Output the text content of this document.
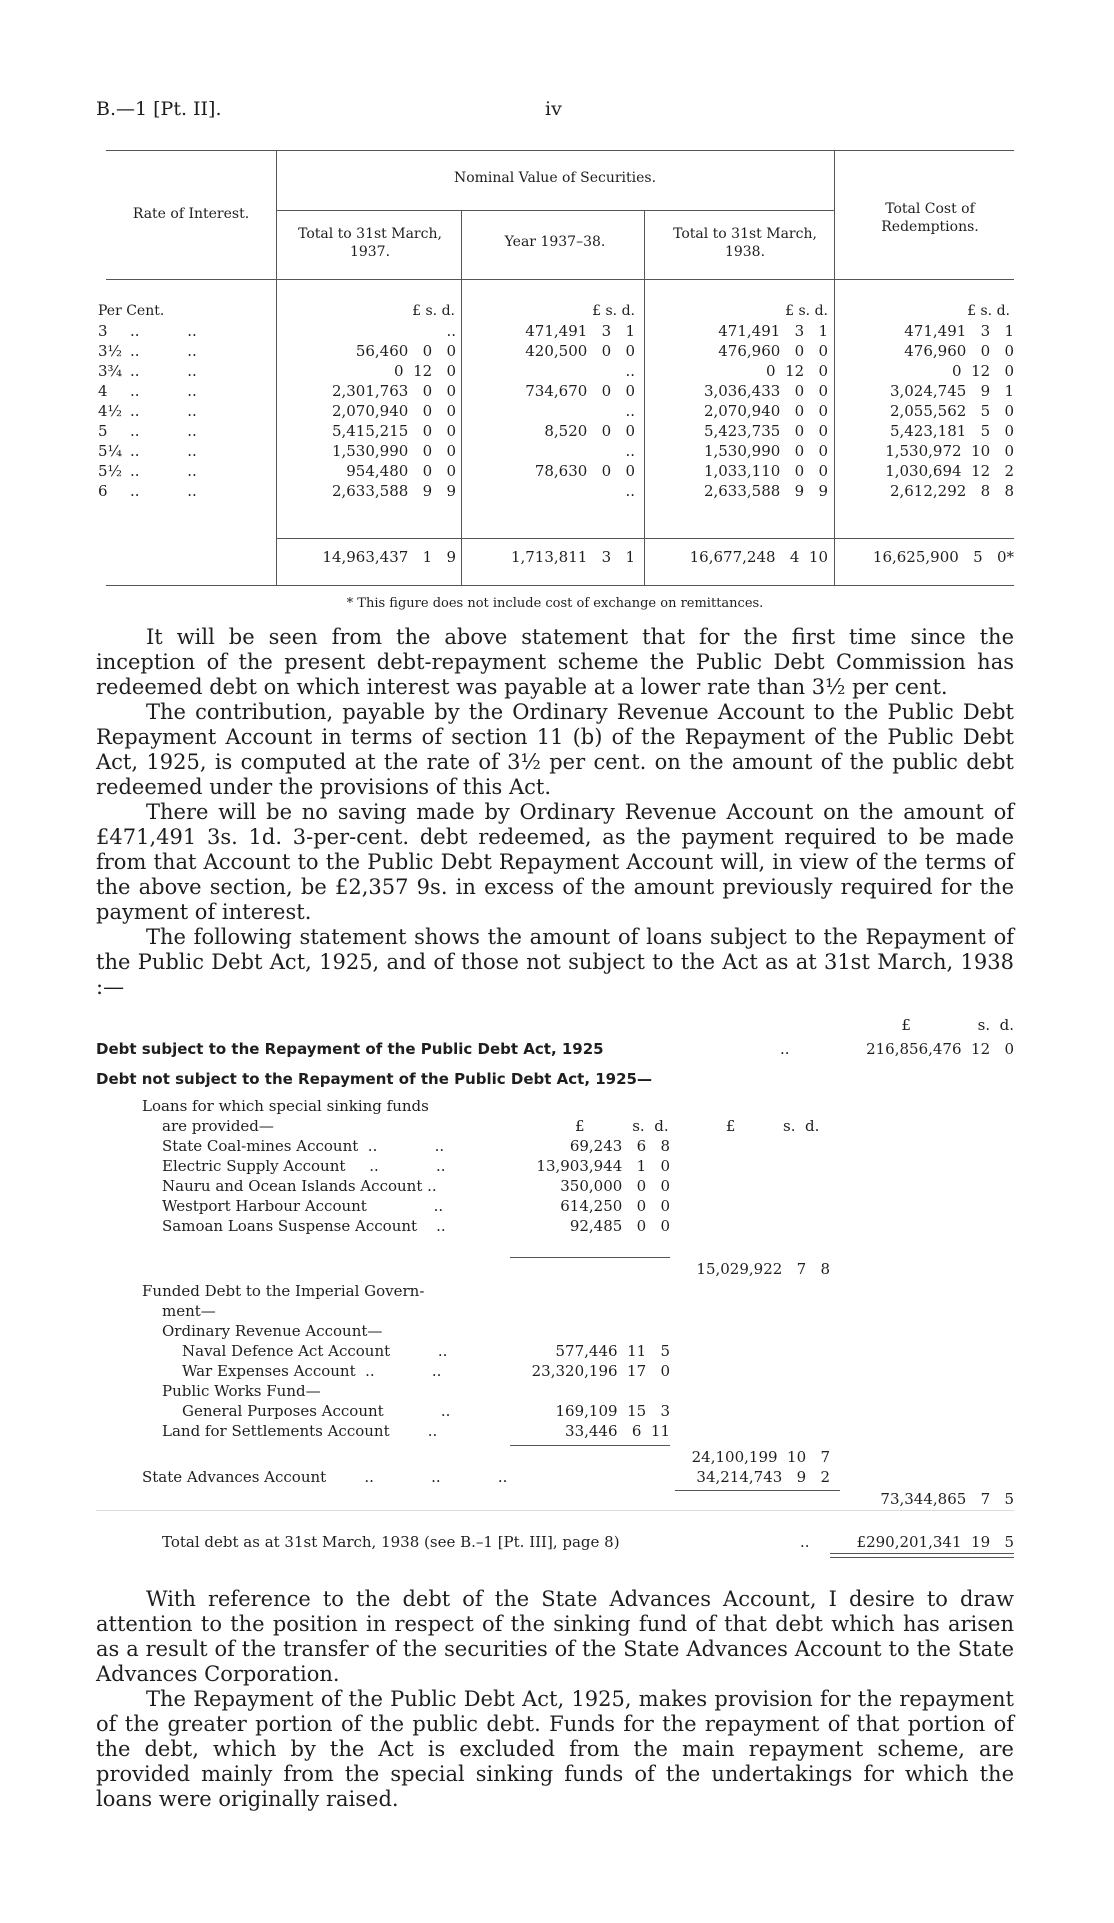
B.—1 [Pt. II].	iv
Rate of Interest.
Nominal Value of Securities.
Total to 31st March, 1937.
Year 1937–38.	Total to 31st March, 1938.
Total Cost of Redemptions.
Per Cent.	£ s. d.	£ s. d.	£ s. d.	£ s. d.
3	..	471,491   3   1	471,491   3   1	471,491   3   1
..          ..
3½	56,460   0   0	420,500   0   0	476,960   0   0	476,960   0   0
..          ..
3¾	0  12   0	..	0  12   0	0  12   0
..          ..
4	2,301,763   0   0	734,670   0   0	3,036,433   0   0	3,024,745   9   1
..          ..
4½	2,070,940   0   0	..	2,070,940   0   0	2,055,562   5   0
..          ..
5	5,415,215   0   0	8,520   0   0	5,423,735   0   0	5,423,181   5   0
..          ..
5¼	1,530,990   0   0	..	1,530,990   0   0	1,530,972  10   0
..          ..
5½	954,480   0   0	78,630   0   0	1,033,110   0   0	1,030,694  12   2
..          ..
6	2,633,588   9   9	..	2,633,588   9   9	2,612,292   8   8
..          ..
14,963,437   1   9	1,713,811   3   1	16,677,248   4  10	16,625,900   5   0*
* This figure does not include cost of exchange on remittances.
It will be seen from the above statement that for the first time since the inception of the present debt-repayment scheme the Public Debt Commission has redeemed debt on which interest was payable at a lower rate than 3½ per cent.
The contribution, payable by the Ordinary Revenue Account to the Public Debt Repayment Account in terms of section 11 (b) of the Repayment of the Public Debt Act, 1925, is computed at the rate of 3½ per cent. on the amount of the public debt redeemed under the provisions of this Act.
There will be no saving made by Ordinary Revenue Account on the amount of £471,491 3s. 1d. 3-per-cent. debt redeemed, as the payment required to be made from that Account to the Public Debt Repayment Account will, in view of the terms of the above section, be £2,357 9s. in excess of the amount previously required for the payment of interest.
The following statement shows the amount of loans subject to the Repayment of the Public Debt Act, 1925, and of those not subject to the Act as at 31st March, 1938 :—
£              s.  d.
Debt subject to the Repayment of the Public Debt Act, 1925	..	216,856,476  12   0
Debt not subject to the Repayment of the Public Debt Act, 1925—
Loans for which special sinking funds
are provided—	£          s.  d.            £          s.  d.
State Coal-mines Account  ..            ..	69,243   6   8
Electric Supply Account     ..            ..	13,903,944   1   0
Nauru and Ocean Islands Account ..	350,000   0   0
Westport Harbour Account              ..	614,250   0   0
Samoan Loans Suspense Account    ..	92,485   0   0
15,029,922   7   8
Funded Debt to the Imperial Govern-
ment—
Ordinary Revenue Account—
Naval Defence Act Account          ..	577,446  11   5
War Expenses Account  ..            ..	23,320,196  17   0
Public Works Fund—
General Purposes Account            ..	169,109  15   3
Land for Settlements Account        ..	33,446   6  11
24,100,199  10   7
State Advances Account        ..            ..            ..	34,214,743   9   2
73,344,865   7   5
Total debt as at 31st March, 1938 (see B.–1 [Pt. III], page 8)	..	£290,201,341  19   5
With reference to the debt of the State Advances Account, I desire to draw attention to the position in respect of the sinking fund of that debt which has arisen as a result of the transfer of the securities of the State Advances Account to the State Advances Corporation.
The Repayment of the Public Debt Act, 1925, makes provision for the repayment of the greater portion of the public debt. Funds for the repayment of that portion of the debt, which by the Act is excluded from the main repayment scheme, are provided mainly from the special sinking funds of the undertakings for which the loans were originally raised.
